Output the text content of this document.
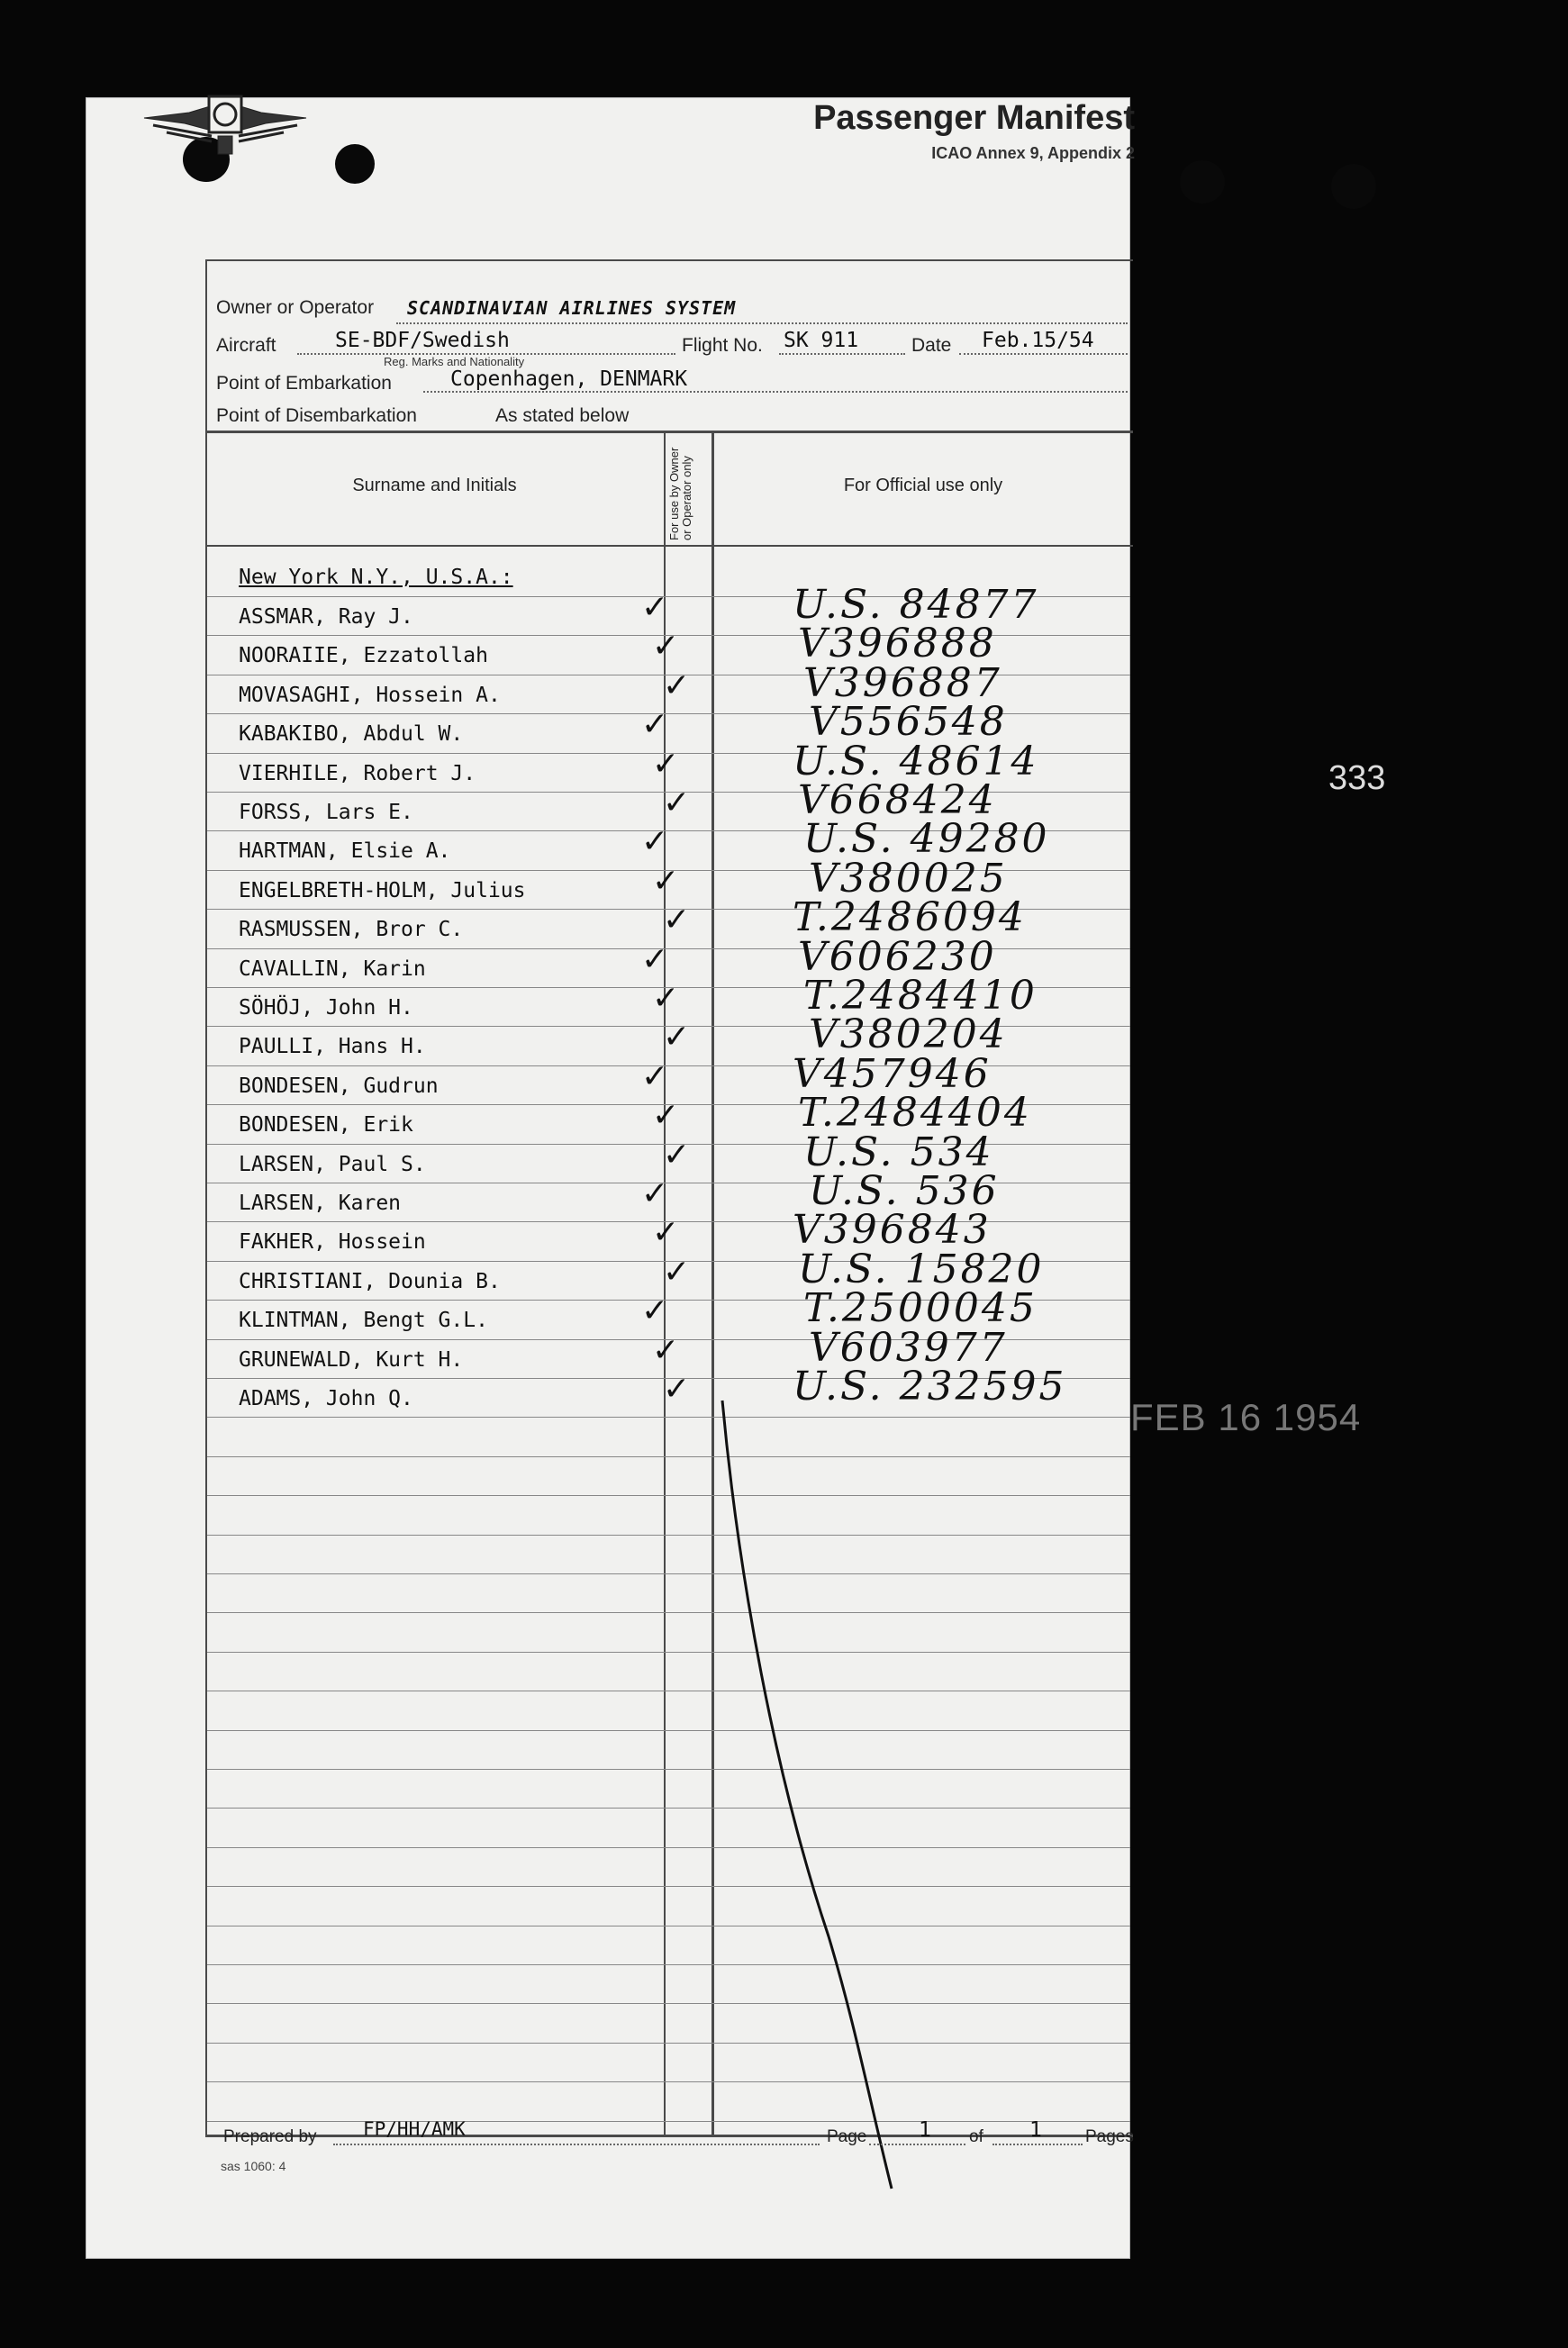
Passenger Manifest
ICAO Annex 9, Appendix 2
Owner or Operator SCANDINAVIAN AIRLINES SYSTEM
Aircraft	SE-BDF/Swedish
Reg. Marks and Nationality
Flight No. SK 911	Date Feb.15/54
Point of Embarkation	Copenhagen, DENMARK
Point of Disembarkation	As stated below
Surname and Initials	For use by Owner or Operator only	For Official use only
New York N.Y., U.S.A.:
ASSMAR, Ray J.	✓	U.S. 84877
NOORAIIE, Ezzatollah	✓	V396888
MOVASAGHI, Hossein A.	✓	V396887
KABAKIBO, Abdul W.	✓	V556548
VIERHILE, Robert J.	✓	U.S. 48614
FORSS, Lars E.	✓	V668424
HARTMAN, Elsie A.	✓	U.S. 49280
ENGELBRETH-HOLM, Julius	✓	V380025
RASMUSSEN, Bror C.	✓	T.2486094
CAVALLIN, Karin	✓	V606230
SÖHÖJ, John H.	✓	T.2484410
PAULLI, Hans H.	✓	V380204
BONDESEN, Gudrun	✓	V457946
BONDESEN, Erik	✓	T.2484404
LARSEN, Paul S.	✓	U.S. 534
LARSEN, Karen	✓	U.S. 536
FAKHER, Hossein	✓	V396843
CHRISTIANI, Dounia B.	✓	U.S. 15820
KLINTMAN, Bengt G.L.	✓	T.2500045
GRUNEWALD, Kurt H.	✓	V603977
ADAMS, John Q.	✓	U.S. 232595
Prepared by FP/HH/AMK	Page	1 of 1	Pages
sas 1060: 4
333
FEB 16 1954
